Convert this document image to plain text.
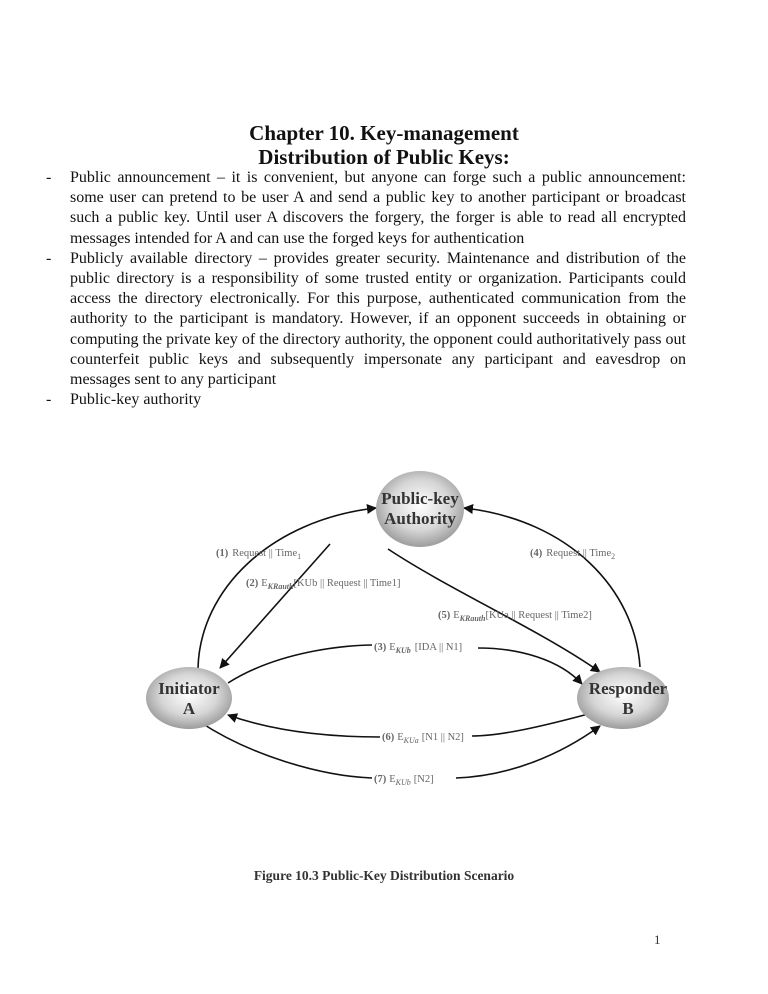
Chapter 10. Key-management
Distribution of Public Keys:
-	Public announcement – it is convenient, but anyone can forge such a public announcement: some user can pretend to be user A and send a public key to another participant or broadcast such a public key. Until user A discovers the forgery, the forger is able to read all encrypted messages intended for A and can use the forged keys for authentication
-	Publicly available directory – provides greater security. Maintenance and distribution of the public directory is a responsibility of some trusted entity or organization. Participants could access the directory electronically. For this purpose, authenticated communication from the authority to the participant is mandatory. However, if an opponent succeeds in obtaining or computing the private key of the directory authority, the opponent could authoritatively pass out counterfeit public keys and subsequently impersonate any participant and eavesdrop on messages sent to any participant
-	Public-key authority
Public-key
Authority
Initiator
A
Responder
B
(1) Request || Time$_1$
(2) $E_{KRauth}[KUb$ || Request || Time1]
(4) Request || Time$_2$
(5) $E_{KRauth}[KUa$ || Request || Time2]
(3) $E_{KUb}$ [IDA || N1]
(6) $E_{KUa}$ [N1 || N2]
(7) $E_{KUb}$ [N2]
Figure 10.3 Public-Key Distribution Scenario
1
